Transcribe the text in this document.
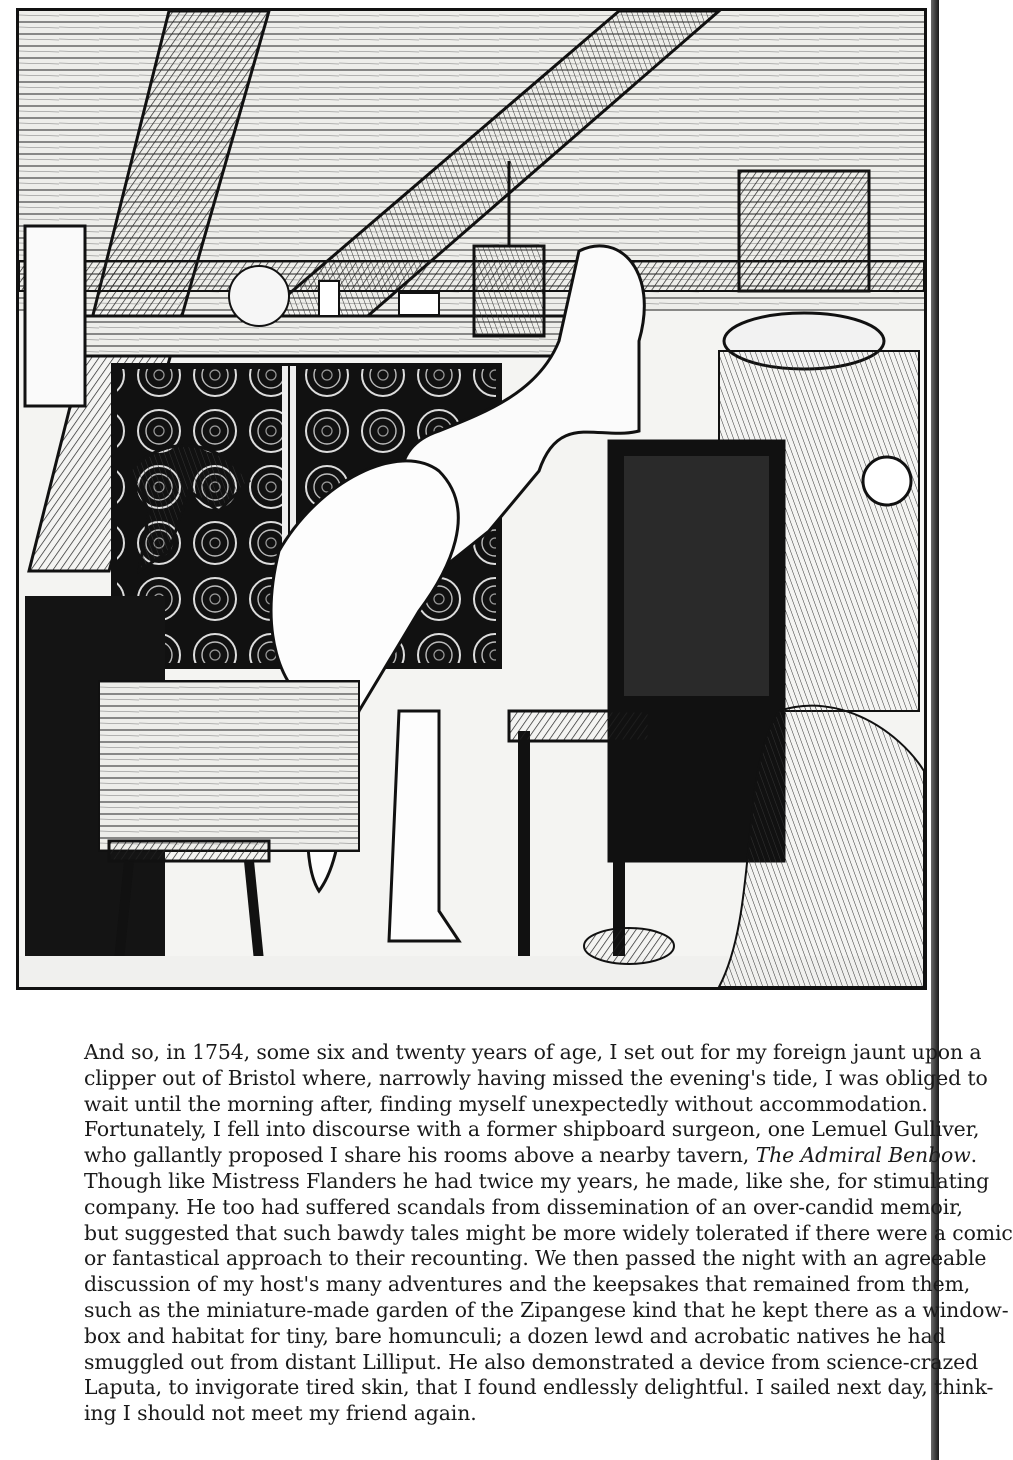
And so, in 1754, some six and twenty years of age, I set out for my foreign jaunt upon a
clipper out of Bristol where, narrowly having missed the evening's tide, I was obliged to
wait until the morning after, finding myself unexpectedly without accommodation.
Fortunately, I fell into discourse with a former shipboard surgeon, one Lemuel Gulliver,
who gallantly proposed I share his rooms above a nearby tavern, The Admiral Benbow.
Though like Mistress Flanders he had twice my years, he made, like she, for stimulating
company. He too had suffered scandals from dissemination of an over-candid memoir,
but suggested that such bawdy tales might be more widely tolerated if there were a comic
or fantastical approach to their recounting. We then passed the night with an agreeable
discussion of my host's many adventures and the keepsakes that remained from them,
such as the miniature-made garden of the Zipangese kind that he kept there as a window-
box and habitat for tiny, bare homunculi; a dozen lewd and acrobatic natives he had
smuggled out from distant Lilliput. He also demonstrated a device from science-crazed
Laputa, to invigorate tired skin, that I found endlessly delightful. I sailed next day, think-
ing I should not meet my friend again.
